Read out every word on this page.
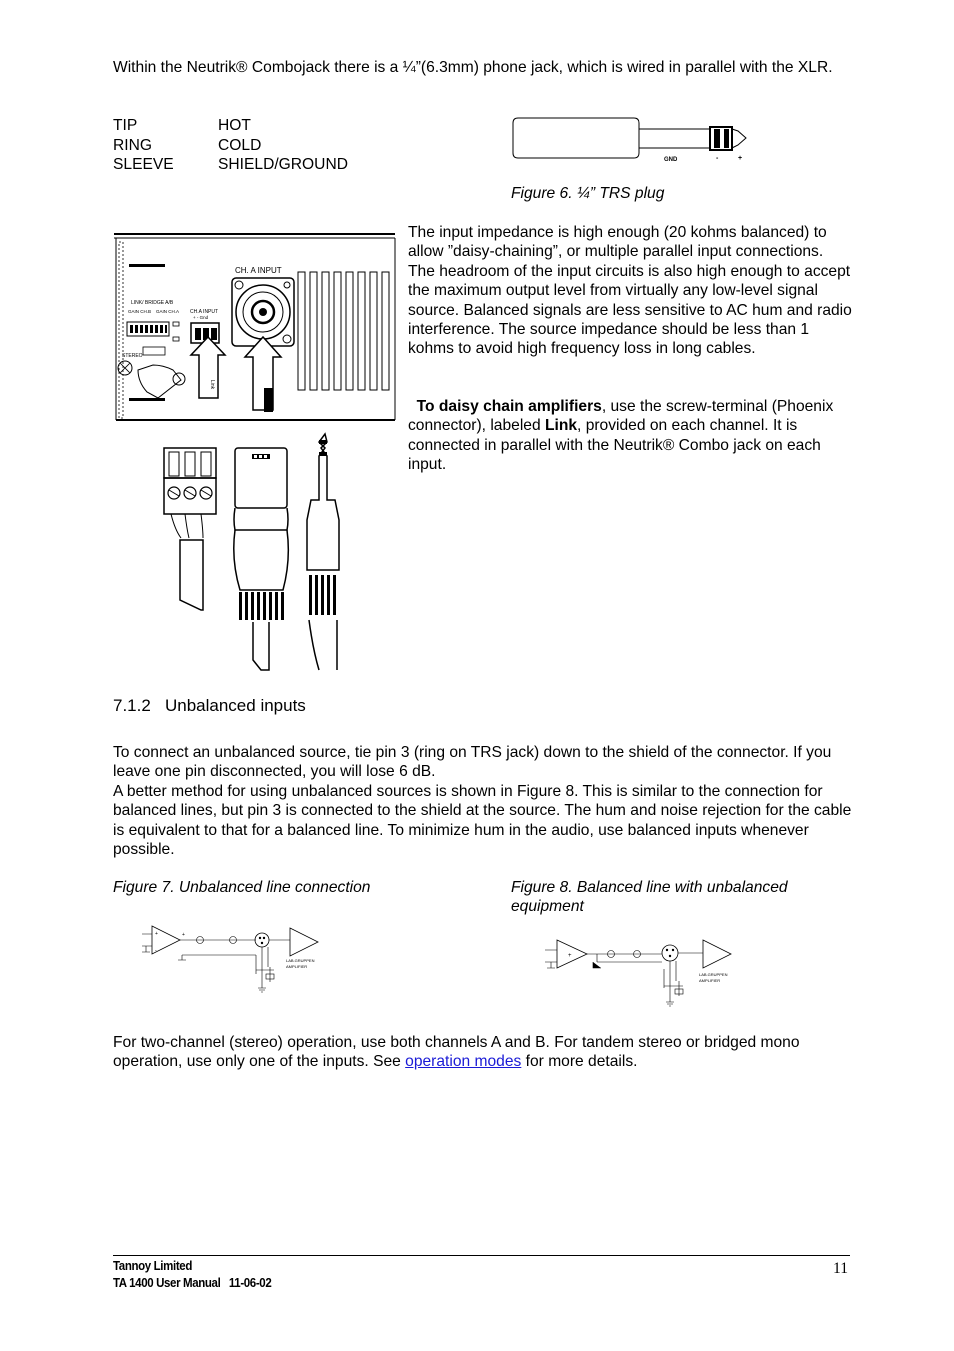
Within the Neutrik® Combojack there is a ¼”(6.3mm) phone jack, which is wired in parallel with the XLR.

TIP	HOT
RING	COLD
SLEEVE	SHIELD/GROUND	GND	-	+

Figure 6. ¼” TRS plug

CH. A INPUT
LINK/ BRIDGE A/B
GAIN CH.B GAIN CH.A CH.A INPUT
+ - Gnd
STEREO
Link

The input impedance is high enough (20 kohms balanced) to allow ”daisy-chaining”, or multiple parallel input connections. The headroom of the input circuits is also high enough to accept the maximum output level from virtually any low-level signal source. Balanced signals are less sensitive to AC hum and radio interference. The source impedance should be less than 1 kohms to avoid high frequency loss in long cables.

To daisy chain amplifiers, use the screw-terminal (Phoenix connector), labeled Link, provided on each channel. It is connected in parallel with the Neutrik® Combo jack on each input.

7.1.2   Unbalanced inputs

To connect an unbalanced source, tie pin 3 (ring on TRS jack) down to the shield of the connector. If you leave one pin disconnected, you will lose 6 dB.

A better method for using unbalanced sources is shown in Figure 8. This is similar to the connection for balanced lines, but pin 3 is connected to the shield at the source. The hum and noise rejection for the cable is equivalent to that for a balanced line. To minimize hum in the audio, use balanced inputs whenever possible.

Figure 7. Unbalanced line connection	Figure 8. Balanced line with unbalanced equipment

+
-
+
LAB.GRUPPEN
AMPLIFIER
+
LAB.GRUPPEN
AMPLIFIER

For two-channel (stereo) operation, use both channels A and B. For tandem stereo or bridged mono operation, use only one of the inputs. See operation modes for more details.

Tannoy Limited
TA 1400 User Manual   11-06-02
11
